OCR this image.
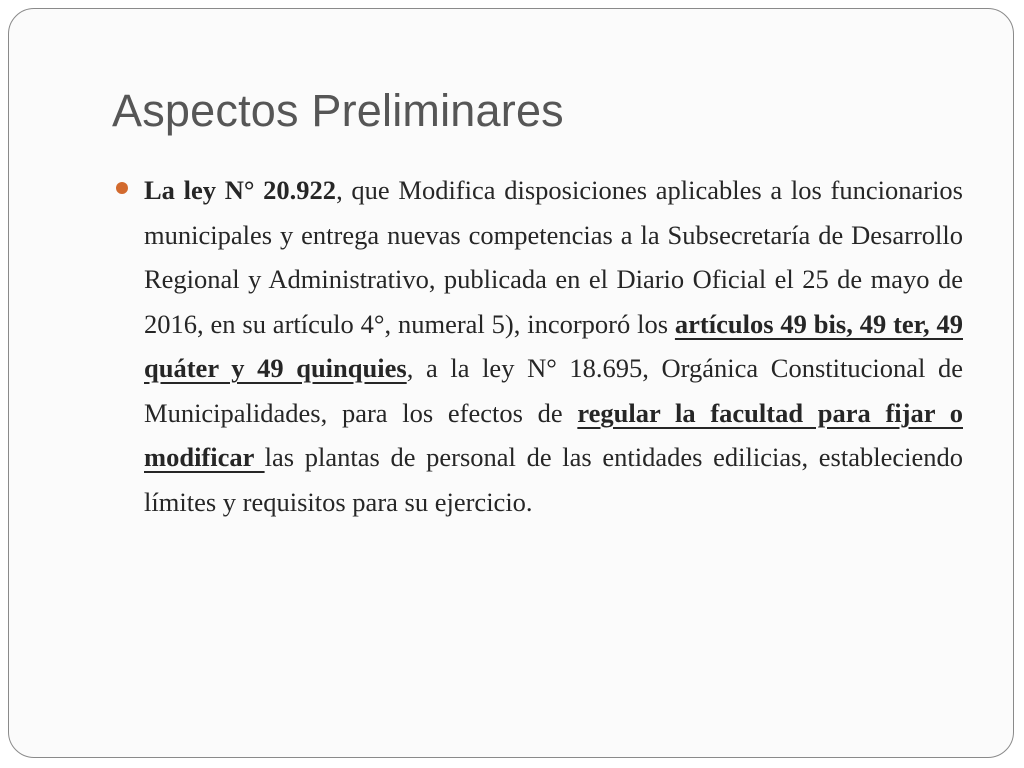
Aspectos Preliminares

La ley N° 20.922, que Modifica disposiciones aplicables a los funcionarios municipales y entrega nuevas competencias a la Subsecretaría de Desarrollo Regional y Administrativo, publicada en el Diario Oficial el 25 de mayo de 2016, en su artículo 4°, numeral 5), incorporó los artículos 49 bis, 49 ter, 49 quáter y 49 quinquies, a la ley N° 18.695, Orgánica Constitucional de Municipalidades, para los efectos de regular la facultad para fijar o modificar las plantas de personal de las entidades edilicias, estableciendo límites y requisitos para su ejercicio.
